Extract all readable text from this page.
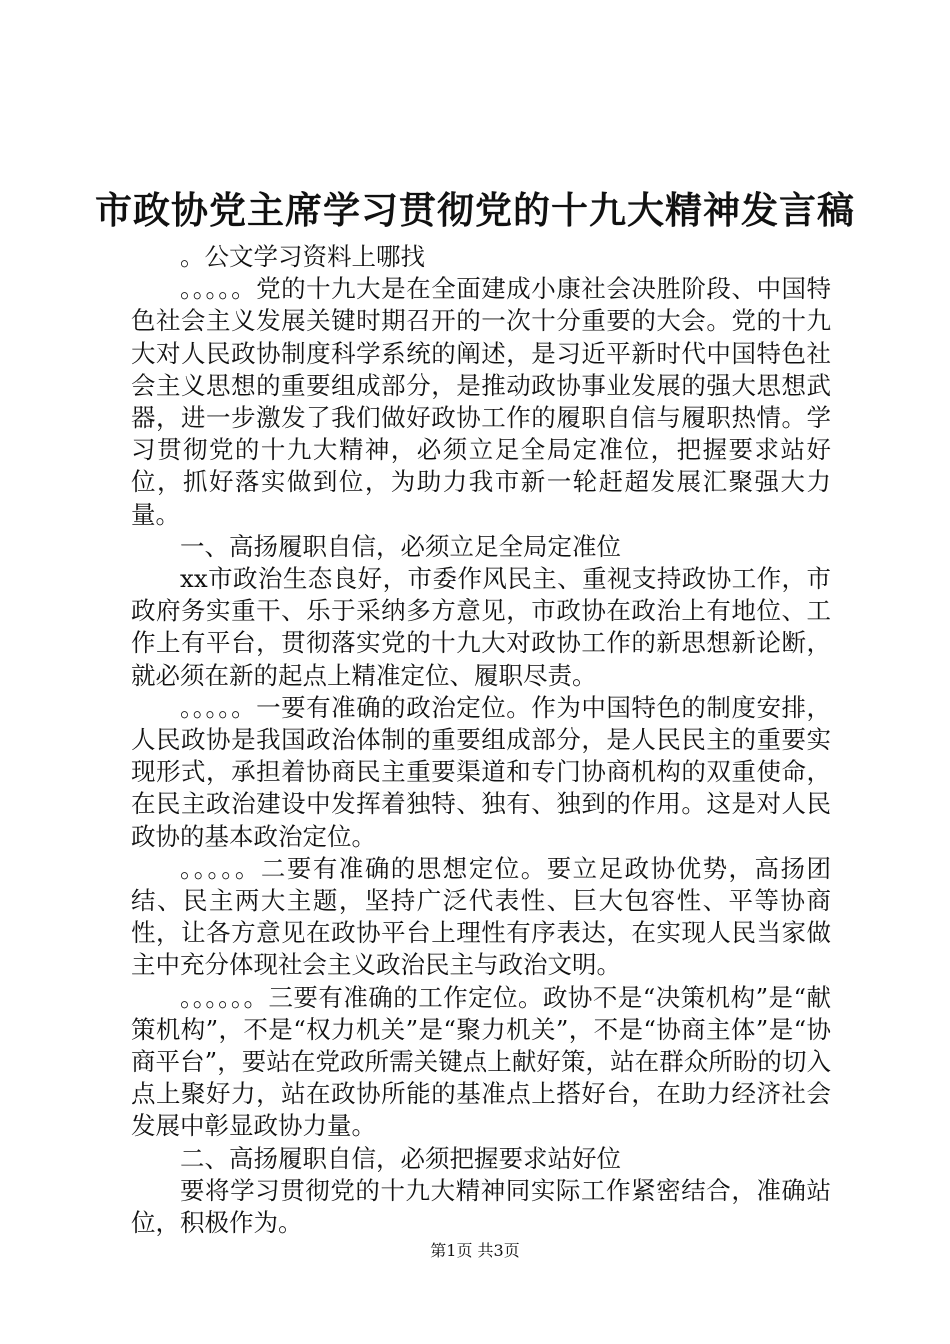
市政协党主席学习贯彻党的十九大精神发言稿

。公文学习资料上哪找

。。。。。党的十九大是在全面建成小康社会决胜阶段、中国特色社会主义发展关键时期召开的一次十分重要的大会。党的十九大对人民政协制度科学系统的阐述，是习近平新时代中国特色社会主义思想的重要组成部分，是推动政协事业发展的强大思想武器，进一步激发了我们做好政协工作的履职自信与履职热情。学习贯彻党的十九大精神，必须立足全局定准位，把握要求站好位，抓好落实做到位，为助力我市新一轮赶超发展汇聚强大力量。

一、高扬履职自信，必须立足全局定准位

xx市政治生态良好，市委作风民主、重视支持政协工作，市政府务实重干、乐于采纳多方意见，市政协在政治上有地位、工作上有平台，贯彻落实党的十九大对政协工作的新思想新论断，就必须在新的起点上精准定位、履职尽责。

。。。。。一要有准确的政治定位。作为中国特色的制度安排，人民政协是我国政治体制的重要组成部分，是人民民主的重要实现形式，承担着协商民主重要渠道和专门协商机构的双重使命，在民主政治建设中发挥着独特、独有、独到的作用。这是对人民政协的基本政治定位。

。。。。。二要有准确的思想定位。要立足政协优势，高扬团结、民主两大主题，坚持广泛代表性、巨大包容性、平等协商性，让各方意见在政协平台上理性有序表达，在实现人民当家做主中充分体现社会主义政治民主与政治文明。

。。。。。。三要有准确的工作定位。政协不是“决策机构”是“献策机构”，不是“权力机关”是“聚力机关”，不是“协商主体”是“协商平台”，要站在党政所需关键点上献好策，站在群众所盼的切入点上聚好力，站在政协所能的基准点上搭好台，在助力经济社会发展中彰显政协力量。

二、高扬履职自信，必须把握要求站好位

要将学习贯彻党的十九大精神同实际工作紧密结合，准确站位，积极作为。

第1页 共3页
